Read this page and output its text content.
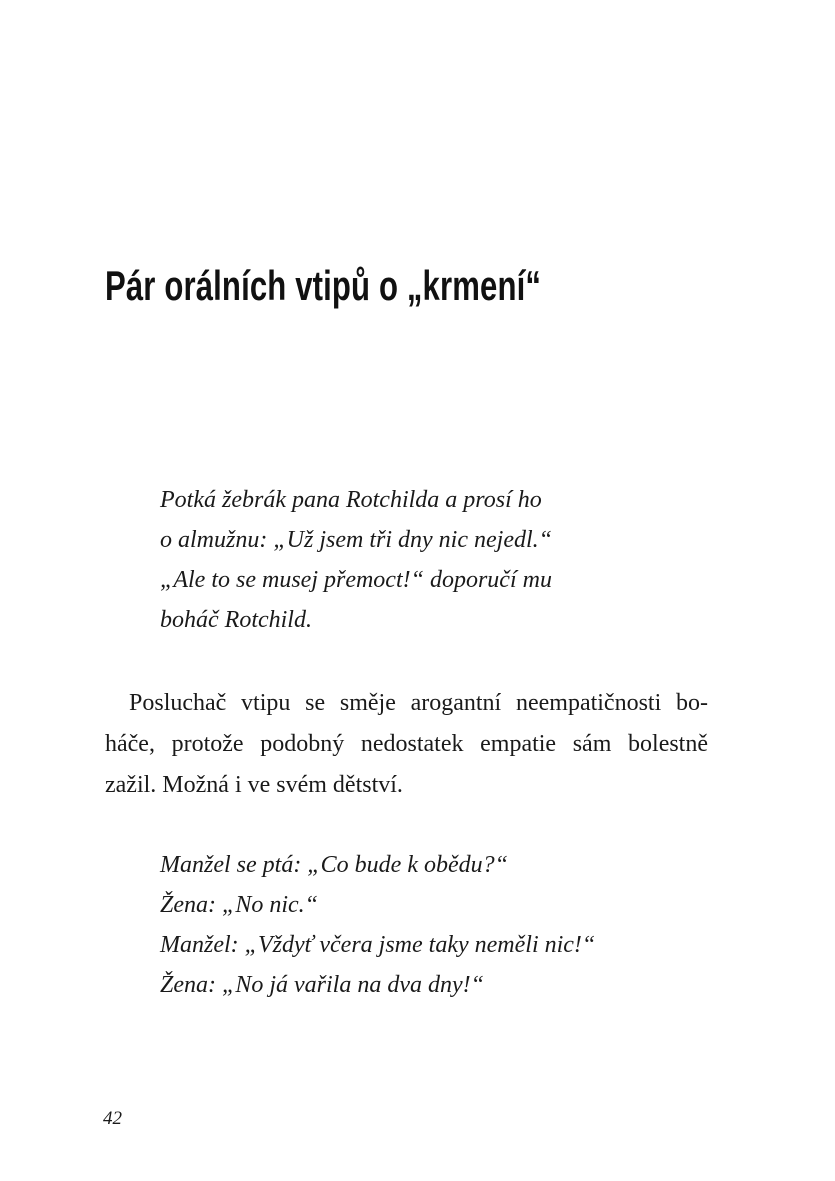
Pár orálních vtipů o „krmení“
Potká žebrák pana Rotchilda a prosí ho
o almužnu: „Už jsem tři dny nic nejedl.“
„Ale to se musej přemoct!“ doporučí mu
boháč Rotchild.

Posluchač vtipu se směje arogantní neempatičnosti bo-
háče, protože podobný nedostatek empatie sám bolestně
zažil. Možná i ve svém dětství.

Manžel se ptá: „Co bude k obědu?“
Žena: „No nic.“
Manžel: „Vždyť včera jsme taky neměli nic!“
Žena: „No já vařila na dva dny!“

42
